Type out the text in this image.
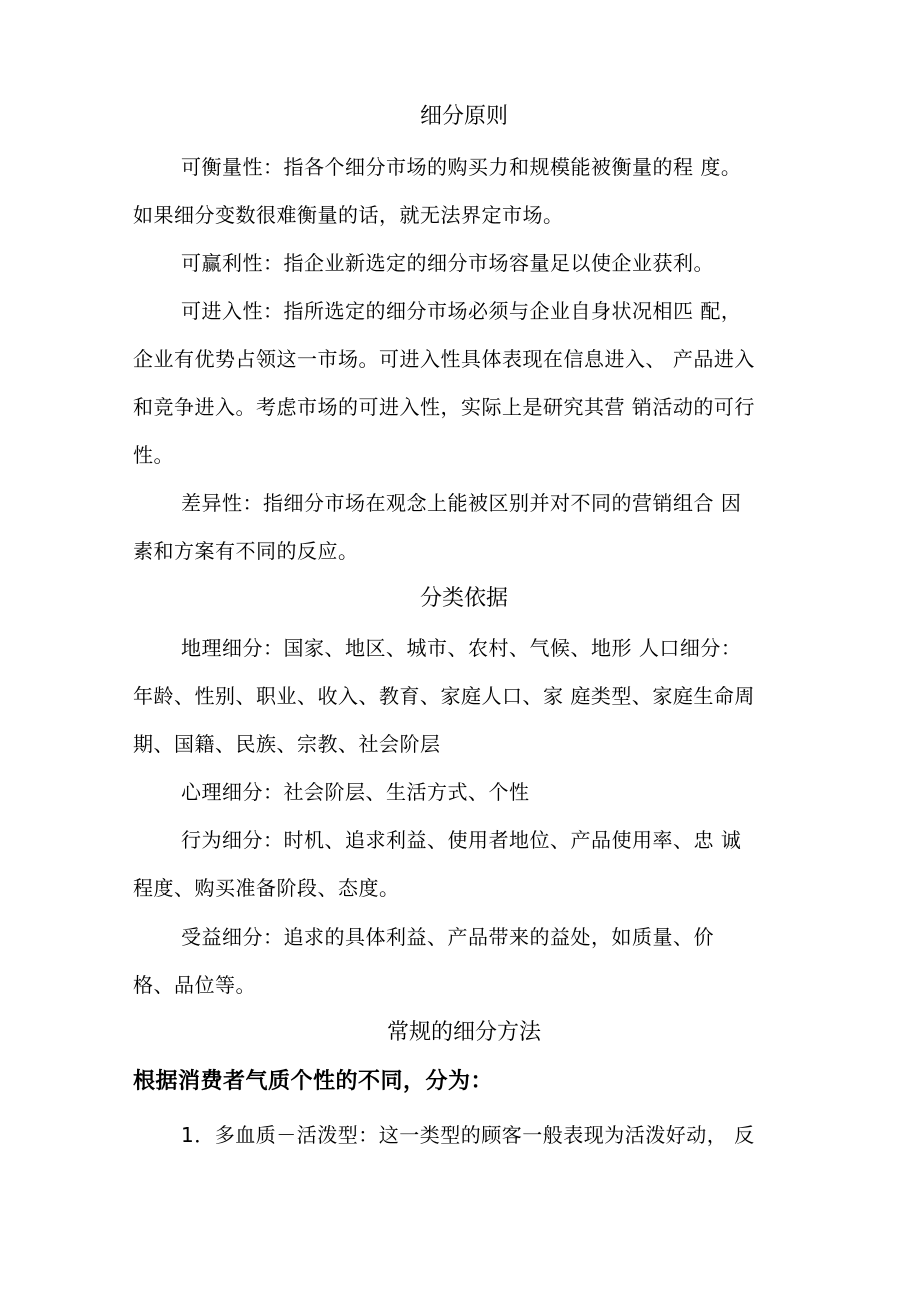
细分原则
可衡量性：指各个细分市场的购买力和规模能被衡量的程 度。
如果细分变数很难衡量的话，就无法界定市场。
可赢利性：指企业新选定的细分市场容量足以使企业获利。
可进入性：指所选定的细分市场必须与企业自身状况相匹 配，
企业有优势占领这一市场。可进入性具体表现在信息进入、 产品进入
和竞争进入。考虑市场的可进入性，实际上是研究其营 销活动的可行
性。
差异性：指细分市场在观念上能被区别并对不同的营销组合 因
素和方案有不同的反应。
分类依据
地理细分：国家、地区、城市、农村、气候、地形 人口细分：
年龄、性别、职业、收入、教育、家庭人口、家 庭类型、家庭生命周
期、国籍、民族、宗教、社会阶层
心理细分：社会阶层、生活方式、个性
行为细分：时机、追求利益、使用者地位、产品使用率、忠 诚
程度、购买准备阶段、态度。
受益细分：追求的具体利益、产品带来的益处，如质量、价
格、品位等。
常规的细分方法
根据消费者气质个性的不同，分为：
1．多血质－活泼型：这一类型的顾客一般表现为活泼好动， 反
